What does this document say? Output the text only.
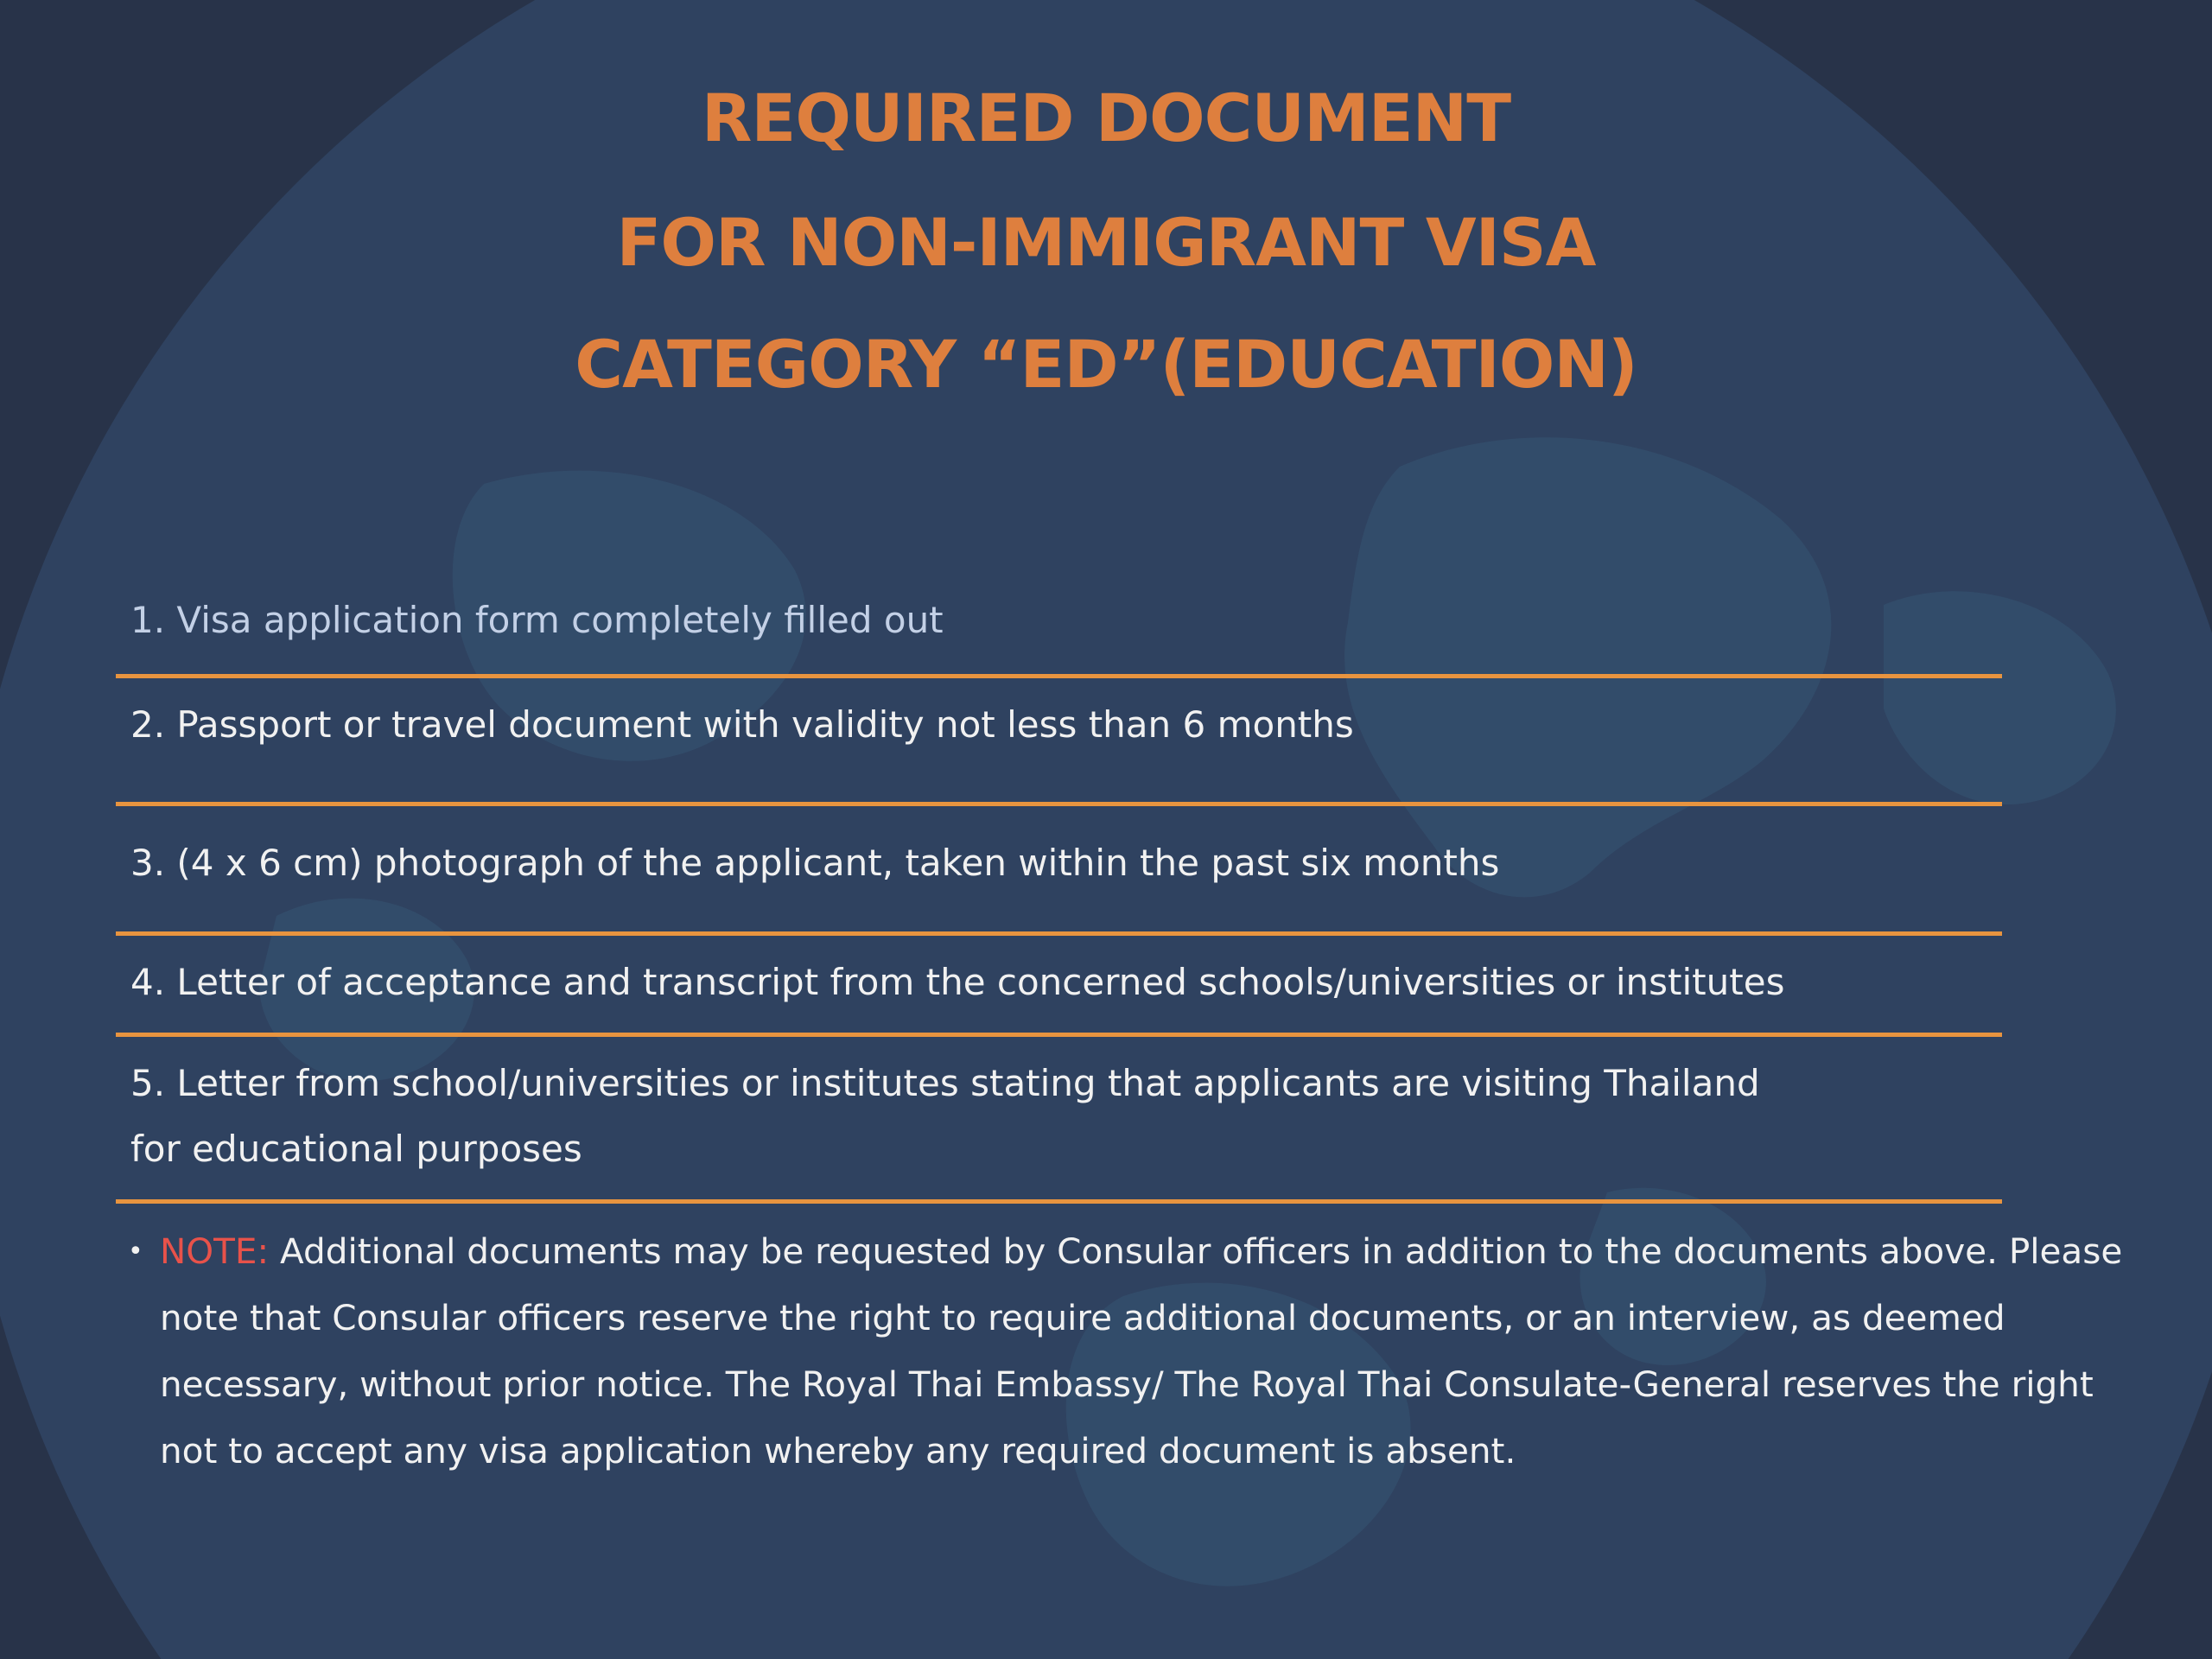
REQUIRED DOCUMENT
FOR NON-IMMIGRANT VISA
CATEGORY “ED”(EDUCATION)
1. Visa application form completely filled out
2. Passport or travel document with validity not less than 6 months
3. (4 x 6 cm) photograph of the applicant, taken within the past six months
4. Letter of acceptance and transcript from the concerned schools/universities or institutes
5. Letter from school/universities or institutes stating that applicants are visiting Thailand
for educational purposes
• NOTE: Additional documents may be requested by Consular officers in addition to the documents above. Please note that Consular officers reserve the right to require additional documents, or an interview, as deemed necessary, without prior notice. The Royal Thai Embassy/ The Royal Thai Consulate-General reserves the right not to accept any visa application whereby any required document is absent.
